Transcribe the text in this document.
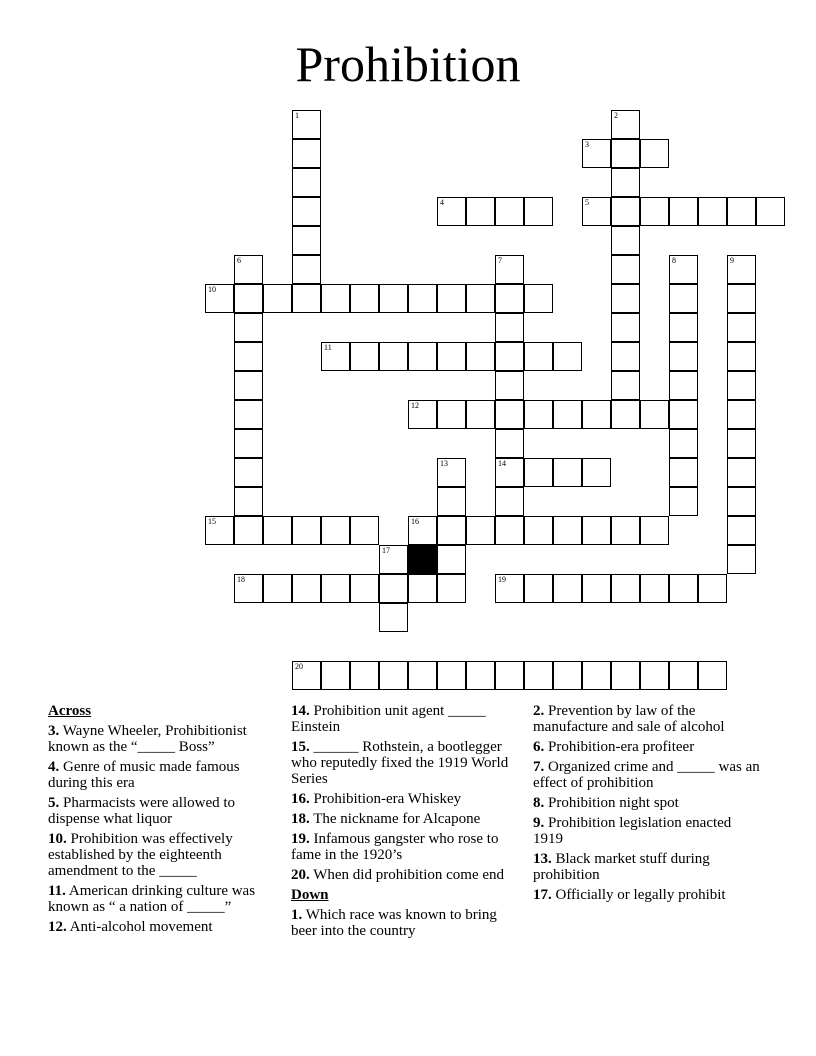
Prohibition
1	2
3
4	5
6	7	8	9
10
11
12
13	14
15	16
17
18	19
20
Across
3. Wayne Wheeler, Prohibitionist known as the “_____ Boss”
4. Genre of music made famous during this era
5. Pharmacists were allowed to dispense what liquor
10. Prohibition was effectively established by the eighteenth amendment to the _____
11. American drinking culture was known as “ a nation of _____”
12. Anti-alcohol movement
14. Prohibition unit agent _____ Einstein
15. ______ Rothstein, a bootlegger who reputedly fixed the 1919 World Series
16. Prohibition-era Whiskey
18. The nickname for Alcapone
19. Infamous gangster who rose to fame in the 1920’s
20. When did prohibition come end
Down
1. Which race was known to bring beer into the country
2. Prevention by law of the manufacture and sale of alcohol
6. Prohibition-era profiteer
7. Organized crime and _____ was an effect of prohibition
8. Prohibition night spot
9. Prohibition legislation enacted 1919
13. Black market stuff during prohibition
17. Officially or legally prohibit
